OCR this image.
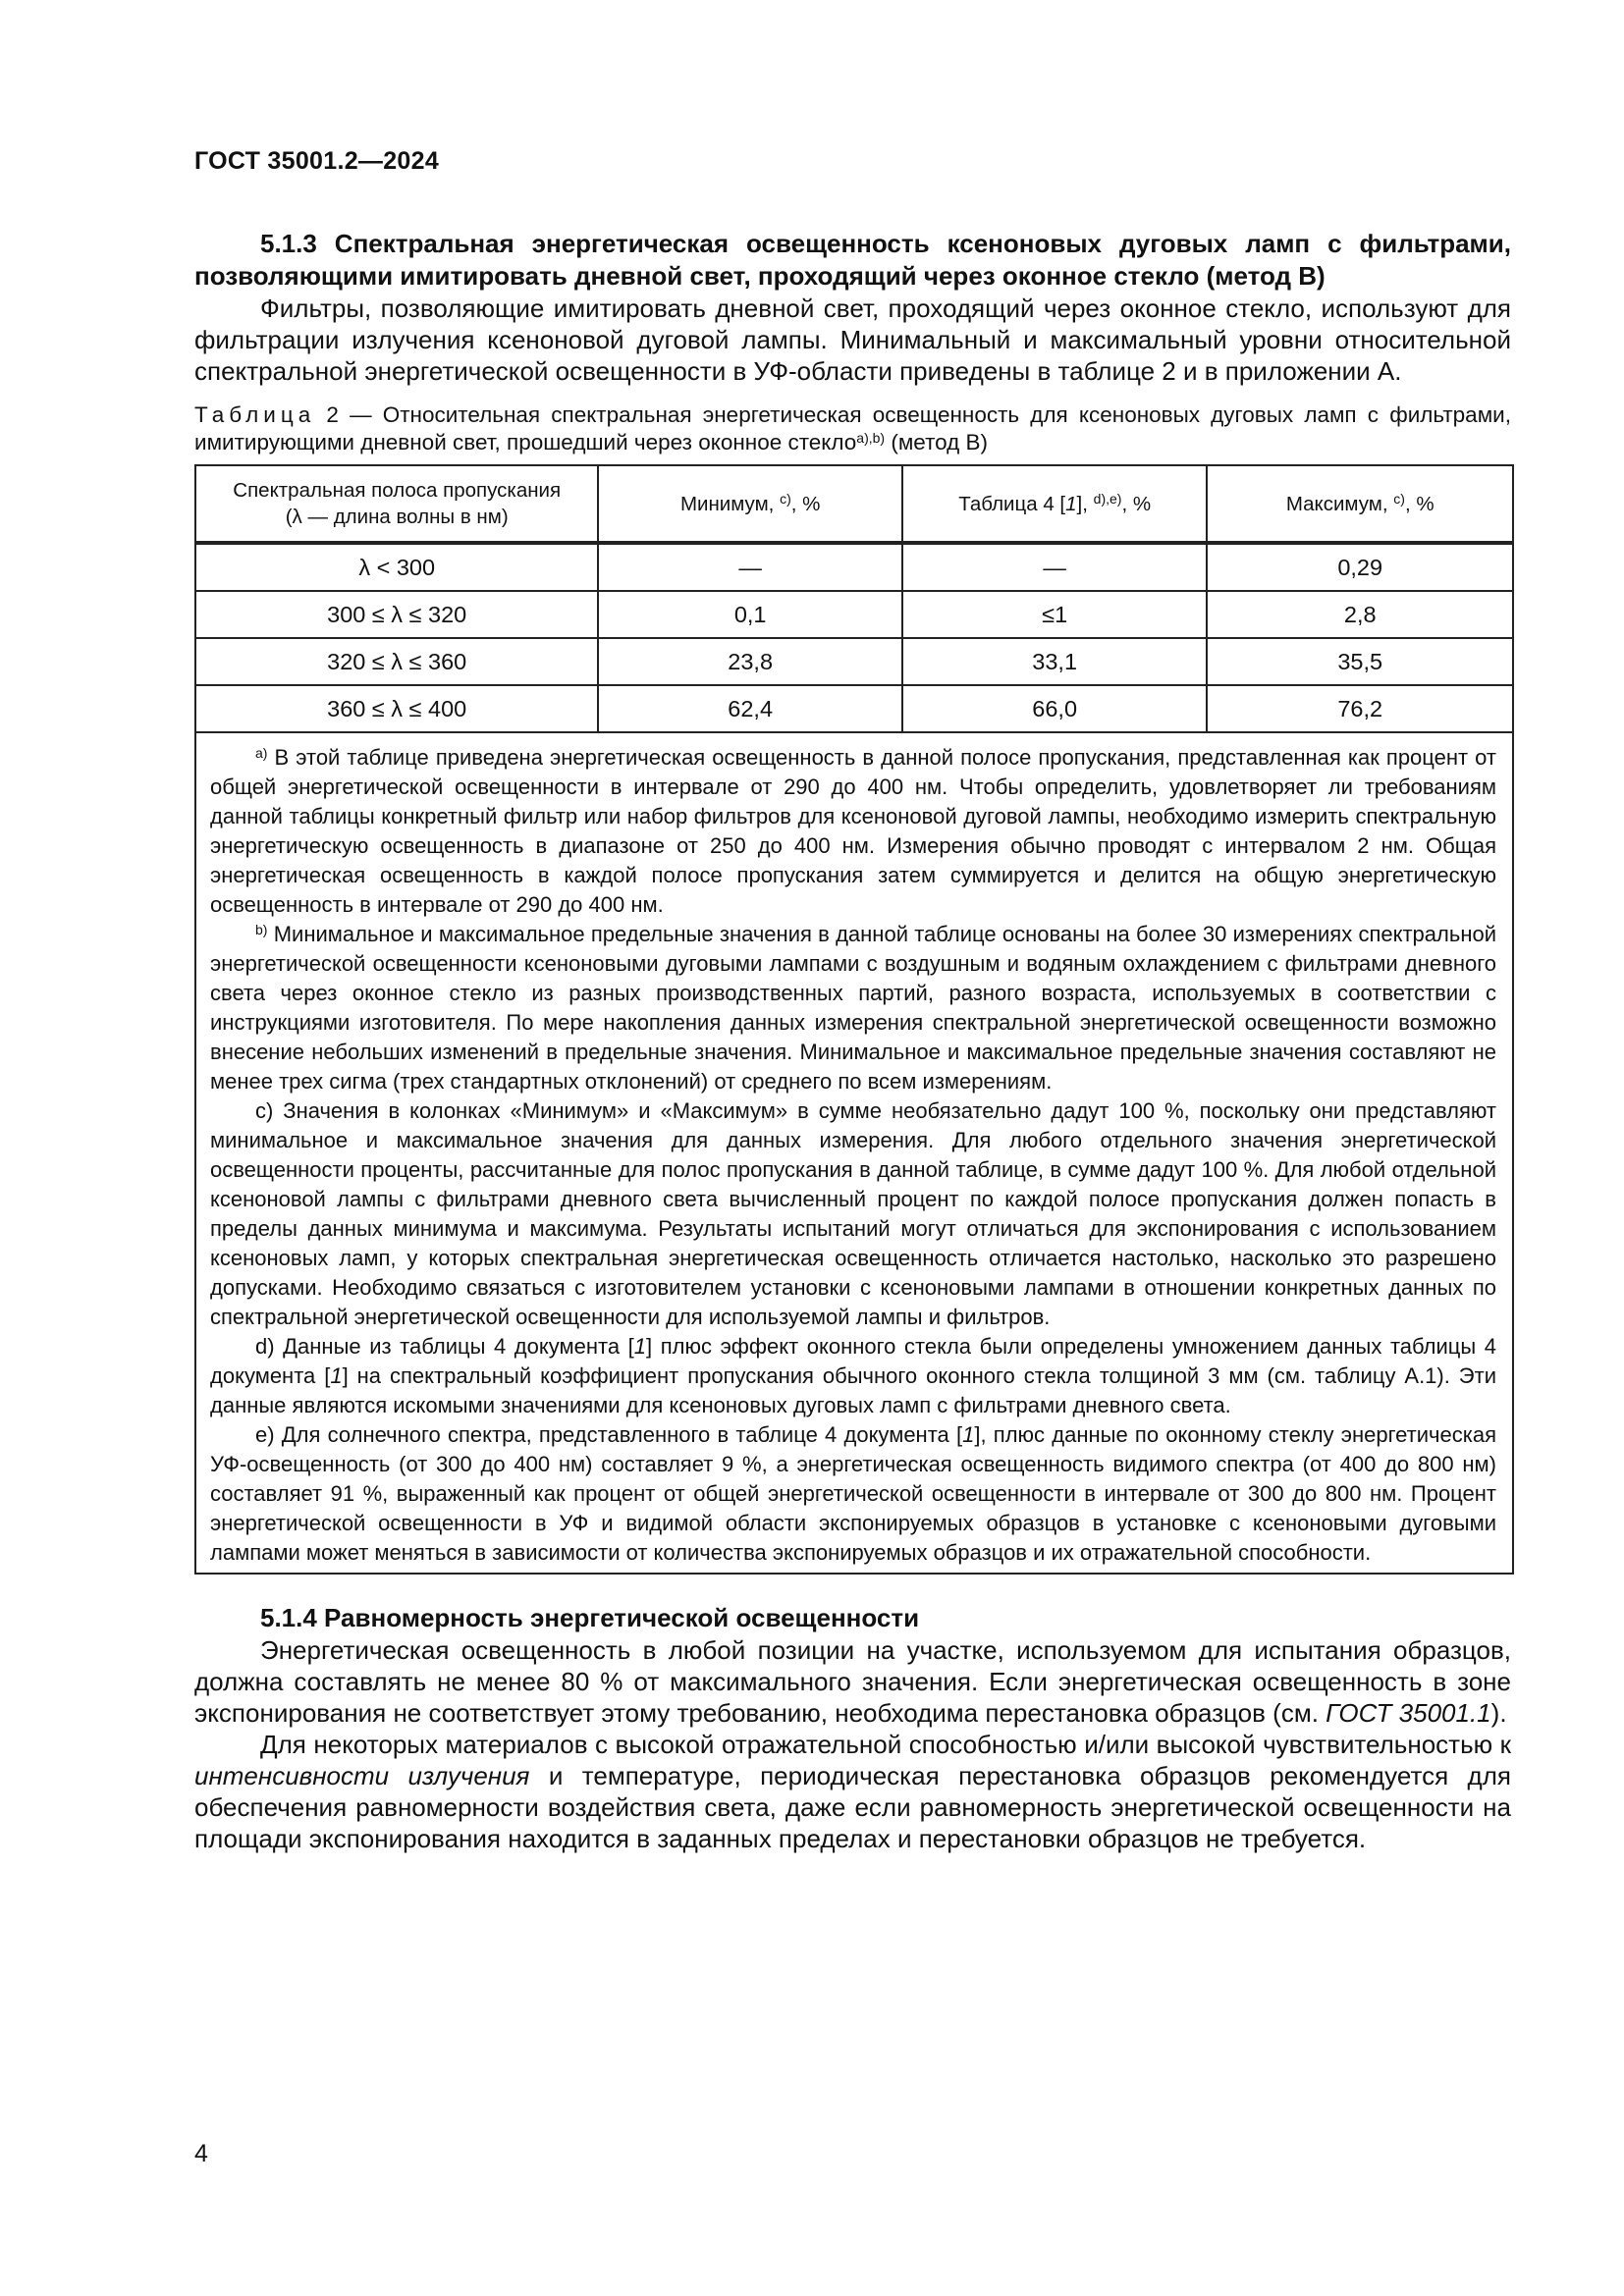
ГОСТ 35001.2—2024
5.1.3 Спектральная энергетическая освещенность ксеноновых дуговых ламп с фильтрами, позволяющими имитировать дневной свет, проходящий через оконное стекло (метод В)

Фильтры, позволяющие имитировать дневной свет, проходящий через оконное стекло, используют для фильтрации излучения ксеноновой дуговой лампы. Минимальный и максимальный уровни относительной спектральной энергетической освещенности в УФ-области приведены в таблице 2 и в приложении А.

Таблица 2 — Относительная спектральная энергетическая освещенность для ксеноновых дуговых ламп с фильтрами, имитирующими дневной свет, прошедший через оконное стекло$^{a),b)}$ (метод В)
Спектральная полоса пропускания
(λ — длина волны в нм)	Минимум, $^{c)}$, %	Таблица 4 [1], $^{d),e)}$, %	Максимум, $^{c)}$, %
λ < 300	—	—	0,29
300 ≤ λ ≤ 320	0,1	≤1	2,8
320 ≤ λ ≤ 360	23,8	33,1	35,5
360 ≤ λ ≤ 400	62,4	66,0	76,2

$^{a)}$ В этой таблице приведена энергетическая освещенность в данной полосе пропускания, представленная как процент от общей энергетической освещенности в интервале от 290 до 400 нм. Чтобы определить, удовлетворяет ли требованиям данной таблицы конкретный фильтр или набор фильтров для ксеноновой дуговой лампы, необходимо измерить спектральную энергетическую освещенность в диапазоне от 250 до 400 нм. Измерения обычно проводят с интервалом 2 нм. Общая энергетическая освещенность в каждой полосе пропускания затем суммируется и делится на общую энергетическую освещенность в интервале от 290 до 400 нм.
$^{b)}$ Минимальное и максимальное предельные значения в данной таблице основаны на более 30 измерениях спектральной энергетической освещенности ксеноновыми дуговыми лампами с воздушным и водяным охлаждением с фильтрами дневного света через оконное стекло из разных производственных партий, разного возраста, используемых в соответствии с инструкциями изготовителя. По мере накопления данных измерения спектральной энергетической освещенности возможно внесение небольших изменений в предельные значения. Минимальное и максимальное предельные значения составляют не менее трех сигма (трех стандартных отклонений) от среднего по всем измерениям.
c) Значения в колонках «Минимум» и «Максимум» в сумме необязательно дадут 100 %, поскольку они представляют минимальное и максимальное значения для данных измерения. Для любого отдельного значения энергетической освещенности проценты, рассчитанные для полос пропускания в данной таблице, в сумме дадут 100 %. Для любой отдельной ксеноновой лампы с фильтрами дневного света вычисленный процент по каждой полосе пропускания должен попасть в пределы данных минимума и максимума. Результаты испытаний могут отличаться для экспонирования с использованием ксеноновых ламп, у которых спектральная энергетическая освещенность отличается настолько, насколько это разрешено допусками. Необходимо связаться с изготовителем установки с ксеноновыми лампами в отношении конкретных данных по спектральной энергетической освещенности для используемой лампы и фильтров.
d) Данные из таблицы 4 документа [1] плюс эффект оконного стекла были определены умножением данных таблицы 4 документа [1] на спектральный коэффициент пропускания обычного оконного стекла толщиной 3 мм (см. таблицу А.1). Эти данные являются искомыми значениями для ксеноновых дуговых ламп с фильтрами дневного света.
e) Для солнечного спектра, представленного в таблице 4 документа [1], плюс данные по оконному стеклу энергетическая УФ-освещенность (от 300 до 400 нм) составляет 9 %, а энергетическая освещенность видимого спектра (от 400 до 800 нм) составляет 91 %, выраженный как процент от общей энергетической освещенности в интервале от 300 до 800 нм. Процент энергетической освещенности в УФ и видимой области экспонируемых образцов в установке с ксеноновыми дуговыми лампами может меняться в зависимости от количества экспонируемых образцов и их отражательной способности.			
5.1.4 Равномерность энергетической освещенности

Энергетическая освещенность в любой позиции на участке, используемом для испытания образцов, должна составлять не менее 80 % от максимального значения. Если энергетическая освещенность в зоне экспонирования не соответствует этому требованию, необходима перестановка образцов (см. ГОСТ 35001.1).

Для некоторых материалов с высокой отражательной способностью и/или высокой чувствительностью к интенсивности излучения и температуре, периодическая перестановка образцов рекомендуется для обеспечения равномерности воздействия света, даже если равномерность энергетической освещенности на площади экспонирования находится в заданных пределах и перестановки образцов не требуется.

4
